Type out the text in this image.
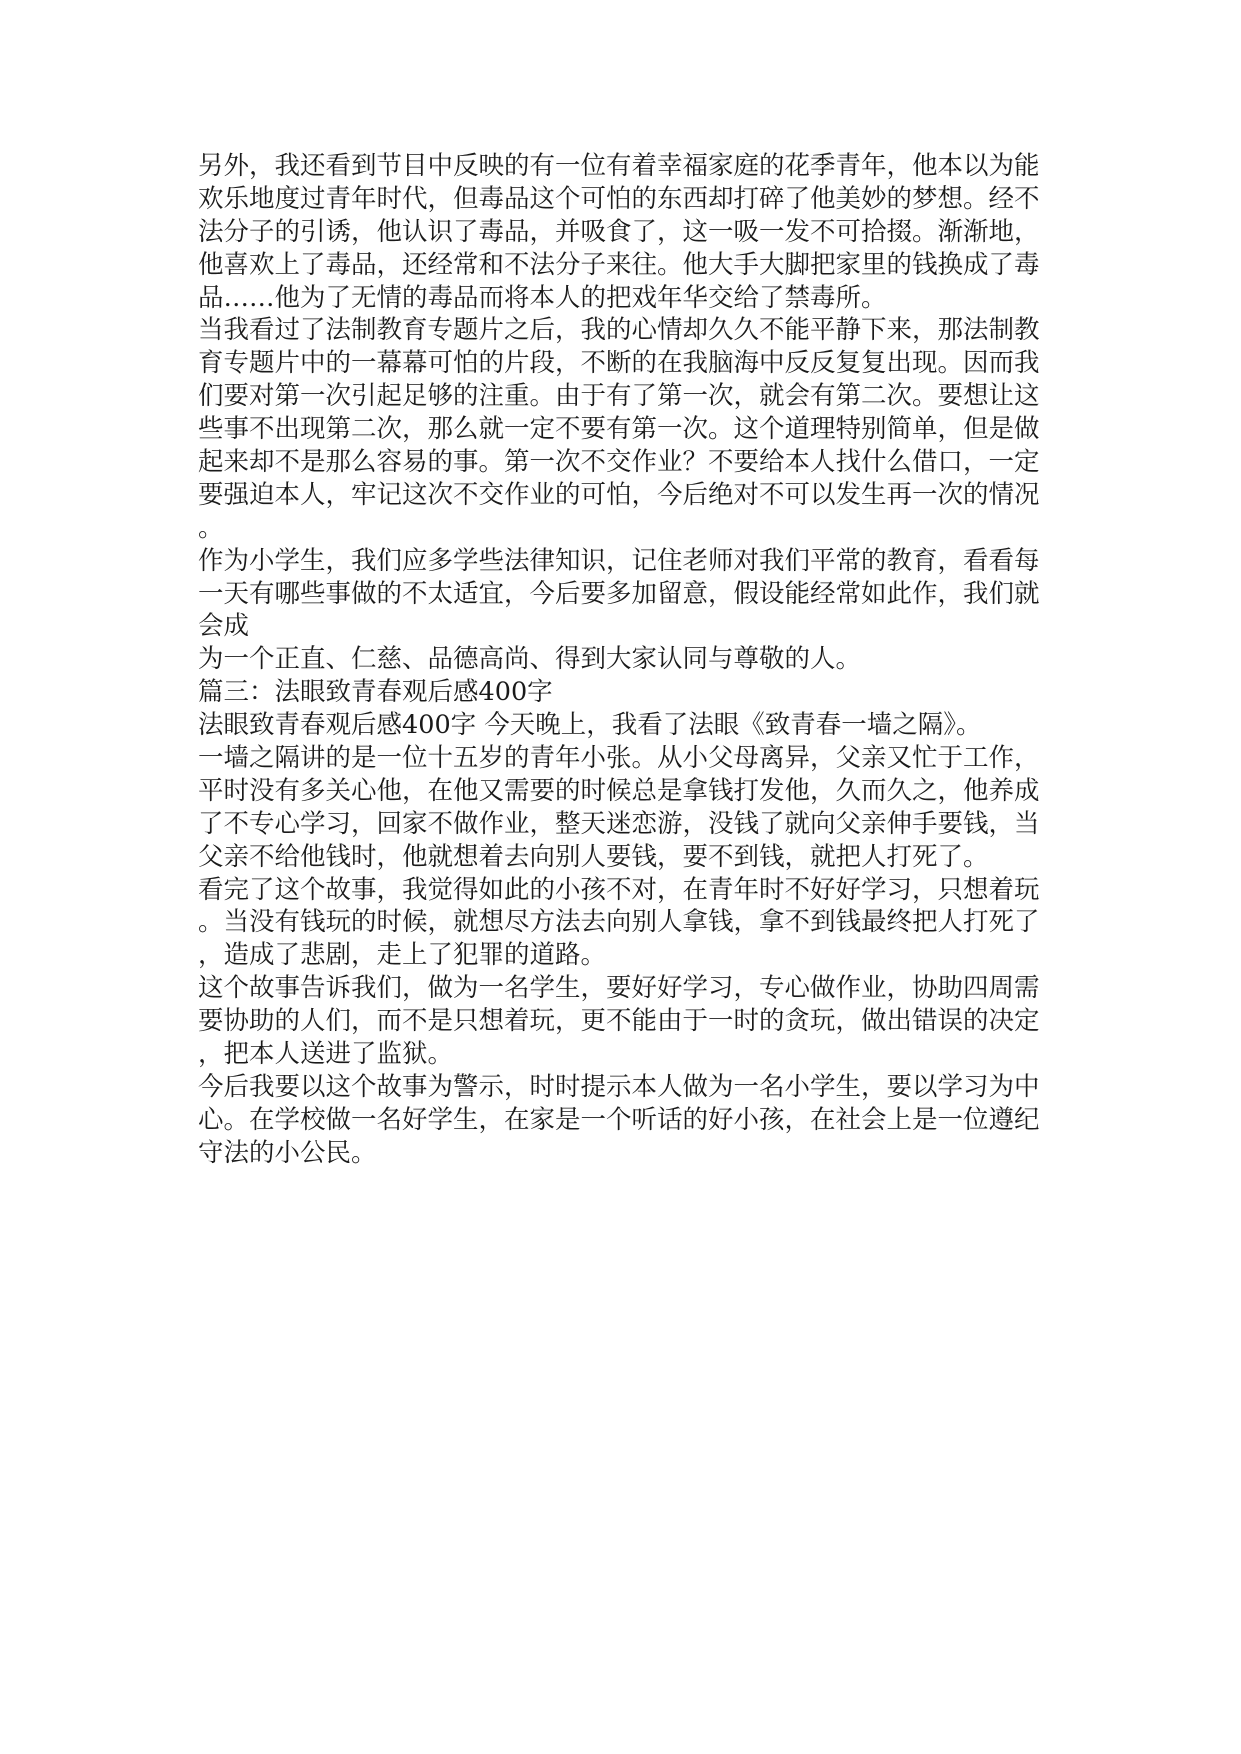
另外，我还看到节目中反映的有一位有着幸福家庭的花季青年，他本以为能
欢乐地度过青年时代，但毒品这个可怕的东西却打碎了他美妙的梦想。经不
法分子的引诱，他认识了毒品，并吸食了，这一吸一发不可拾掇。渐渐地，
他喜欢上了毒品，还经常和不法分子来往。他大手大脚把家里的钱换成了毒
品……他为了无情的毒品而将本人的把戏年华交给了禁毒所。
当我看过了法制教育专题片之后，我的心情却久久不能平静下来，那法制教
育专题片中的一幕幕可怕的片段，不断的在我脑海中反反复复出现。因而我
们要对第一次引起足够的注重。由于有了第一次，就会有第二次。要想让这
些事不出现第二次，那么就一定不要有第一次。这个道理特别简单，但是做
起来却不是那么容易的事。第一次不交作业？不要给本人找什么借口，一定
要强迫本人，牢记这次不交作业的可怕，今后绝对不可以发生再一次的情况
。
作为小学生，我们应多学些法律知识，记住老师对我们平常的教育，看看每
一天有哪些事做的不太适宜，今后要多加留意，假设能经常如此作，我们就
会成
为一个正直、仁慈、品德高尚、得到大家认同与尊敬的人。
篇三：法眼致青春观后感400字
法眼致青春观后感400字 今天晚上，我看了法眼《致青春一墙之隔》。
一墙之隔讲的是一位十五岁的青年小张。从小父母离异，父亲又忙于工作，
平时没有多关心他，在他又需要的时候总是拿钱打发他，久而久之，他养成
了不专心学习，回家不做作业，整天迷恋游，没钱了就向父亲伸手要钱，当
父亲不给他钱时，他就想着去向别人要钱，要不到钱，就把人打死了。
看完了这个故事，我觉得如此的小孩不对，在青年时不好好学习，只想着玩
。当没有钱玩的时候，就想尽方法去向别人拿钱，拿不到钱最终把人打死了
，造成了悲剧，走上了犯罪的道路。
这个故事告诉我们，做为一名学生，要好好学习，专心做作业，协助四周需
要协助的人们，而不是只想着玩，更不能由于一时的贪玩，做出错误的决定
，把本人送进了监狱。
今后我要以这个故事为警示，时时提示本人做为一名小学生，要以学习为中
心。在学校做一名好学生，在家是一个听话的好小孩，在社会上是一位遵纪
守法的小公民。
